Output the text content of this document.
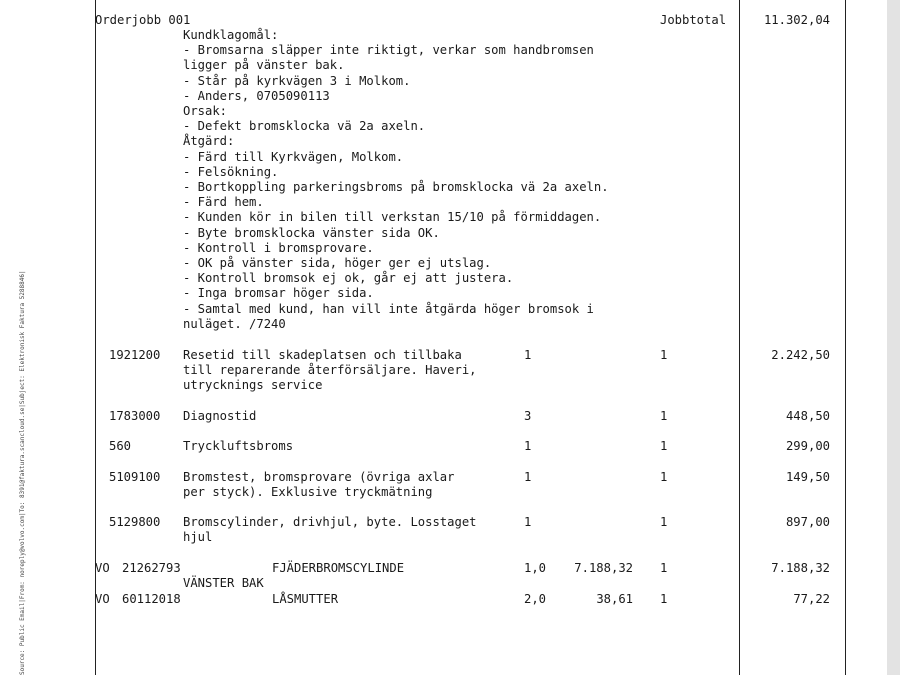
Source: Public Email|From: noreply@volvo.com|To: 8391@faktura.scancloud.se|Subject: Elektronisk Faktura 5288846|
Orderjobb 001	Jobbtotal	11.302,04
Kundklagomål:
- Bromsarna släpper inte riktigt, verkar som handbromsen
ligger på vänster bak.
- Står på kyrkvägen 3 i Molkom.
- Anders, 0705090113
Orsak:
- Defekt bromsklocka vä 2a axeln.
Åtgärd:
- Färd till Kyrkvägen, Molkom.
- Felsökning.
- Bortkoppling parkeringsbroms på bromsklocka vä 2a axeln.
- Färd hem.
- Kunden kör in bilen till verkstan 15/10 på förmiddagen.
- Byte bromsklocka vänster sida OK.
- Kontroll i bromsprovare.
- OK på vänster sida, höger ger ej utslag.
- Kontroll bromsok ej ok, går ej att justera.
- Inga bromsar höger sida.
- Samtal med kund, han vill inte åtgärda höger bromsok i
nuläget. /7240
1921200 Resetid till skadeplatsen och tillbaka
till reparerande återförsäljare. Haveri,
utrycknings service
1	1	2.242,50
1783000 Diagnostid	3	1	448,50
560	Tryckluftsbroms	1	1	299,00
5109100 Bromstest, bromsprovare (övriga axlar
per styck). Exklusive tryckmätning
1	1	149,50
5129800 Bromscylinder, drivhjul, byte. Losstaget
hjul
1	1	897,00
VO 21262793	FJÄDERBROMSCYLINDE
VÄNSTER BAK
1,0	7.188,32 1	7.188,32
VO 60112018	LÅSMUTTER	2,0	38,61 1	77,22
